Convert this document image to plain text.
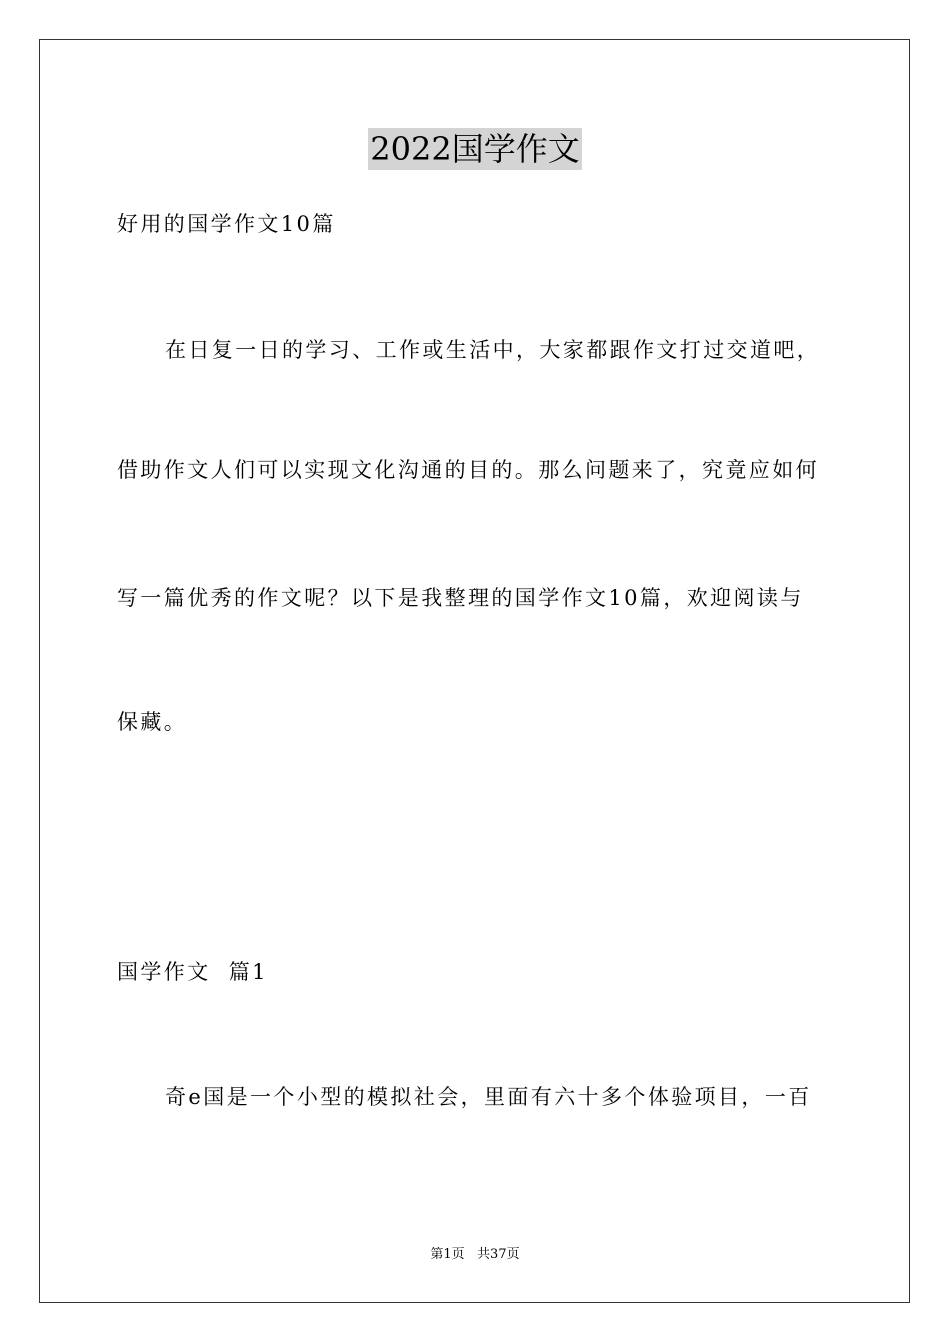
2022国学作文
好用的国学作文10篇
在日复一日的学习、工作或生活中，大家都跟作文打过交道吧，
借助作文人们可以实现文化沟通的目的。那么问题来了，究竟应如何
写一篇优秀的作文呢？以下是我整理的国学作文10篇，欢迎阅读与
保藏。
国学作文  篇1
奇e国是一个小型的模拟社会，里面有六十多个体验项目，一百
第1页   共37页
